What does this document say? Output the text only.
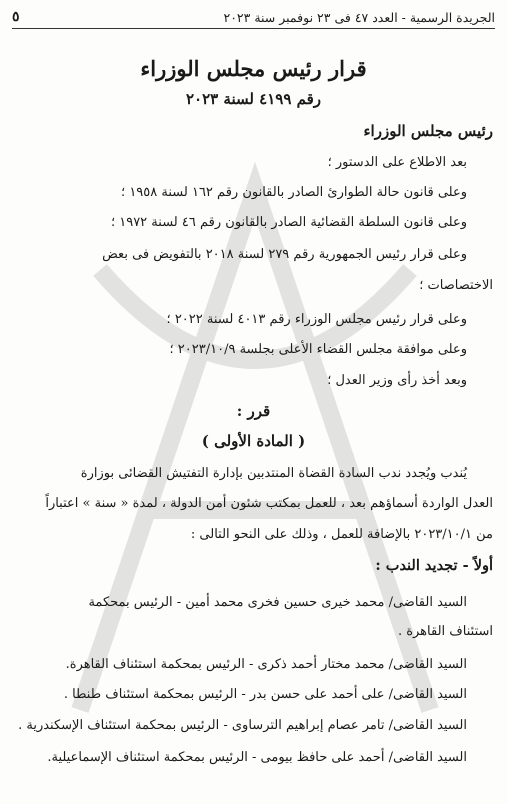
الجريدة الرسمية - العدد ٤٧ فى ٢٣ نوفمبر سنة ٢٠٢٣
٥
قرار رئيس مجلس الوزراء
رقم ٤١٩٩ لسنة ٢٠٢٣
رئيس مجلس الوزراء
بعد الاطلاع على الدستور ؛
وعلى قانون حالة الطوارئ الصادر بالقانون رقم ١٦٢ لسنة ١٩٥٨ ؛
وعلى قانون السلطة القضائية الصادر بالقانون رقم ٤٦ لسنة ١٩٧٢ ؛
وعلى قرار رئيس الجمهورية رقم ٢٧٩ لسنة ٢٠١٨ بالتفويض فى بعض
الاختصاصات ؛
وعلى قرار رئيس مجلس الوزراء رقم ٤٠١٣ لسنة ٢٠٢٢ ؛
وعلى موافقة مجلس القضاء الأعلى بجلسة ٢٠٢٣/١٠/٩ ؛
وبعد أخذ رأى وزير العدل ؛
قرر :
( المادة الأولى )
يُندب ويُجدد ندب السادة القضاة المنتدبين بإدارة التفتيش القضائى بوزارة
العدل الواردة أسماؤهم بعد ، للعمل بمكتب شئون أمن الدولة ، لمدة « سنة » اعتباراً
من ٢٠٢٣/١٠/١ بالإضافة للعمل ، وذلك على النحو التالى :
أولاً - تجديد الندب :
السيد القاضى/ محمد خيرى حسين فخرى محمد أمين - الرئيس بمحكمة
استئناف القاهرة .
السيد القاضى/ محمد مختار أحمد ذكرى - الرئيس بمحكمة استئناف القاهرة.
السيد القاضى/ على أحمد على حسن بدر - الرئيس بمحكمة استئناف طنطا .
السيد القاضى/ تامر عصام إبراهيم الترساوى - الرئيس بمحكمة استئناف الإسكندرية .
السيد القاضى/ أحمد على حافظ بيومى - الرئيس بمحكمة استئناف الإسماعيلية.
